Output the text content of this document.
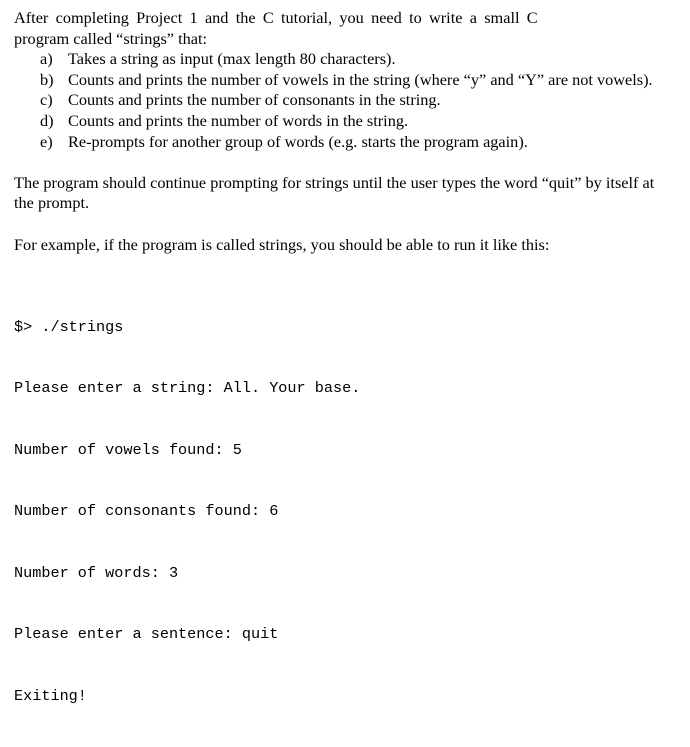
After completing Project 1 and the C tutorial, you need to write a small C
program called “strings” that:
a) Takes a string as input (max length 80 characters).
b) Counts and prints the number of vowels in the string (where “y” and “Y” are not vowels).
c) Counts and prints the number of consonants in the string.
d) Counts and prints the number of words in the string.
e) Re-prompts for another group of words (e.g. starts the program again).

The program should continue prompting for strings until the user types the word “quit” by itself at the prompt.

For example, if the program is called strings, you should be able to run it like this:

$> ./strings

Please enter a string: All. Your base.

Number of vowels found: 5

Number of consonants found: 6

Number of words: 3

Please enter a sentence: quit

Exiting!
